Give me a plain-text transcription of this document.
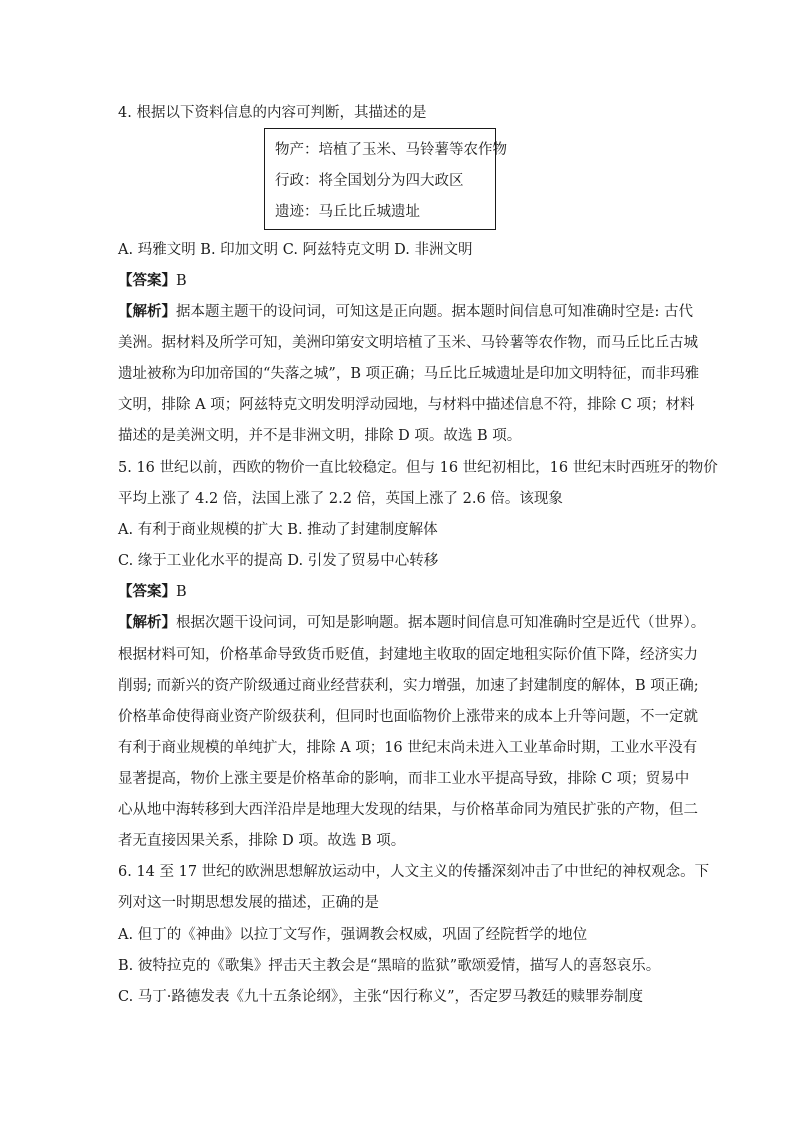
4. 根据以下资料信息的内容可判断，其描述的是
物产：培植了玉米、马铃薯等农作物
行政：将全国划分为四大政区
遗迹：马丘比丘城遗址
A. 玛雅文明 B. 印加文明 C. 阿兹特克文明 D. 非洲文明
【答案】B
【解析】据本题主题干的设问词，可知这是正向题。据本题时间信息可知准确时空是: 古代
美洲。据材料及所学可知，美洲印第安文明培植了玉米、马铃薯等农作物，而马丘比丘古城
遗址被称为印加帝国的“失落之城”，B 项正确；马丘比丘城遗址是印加文明特征，而非玛雅
文明，排除 A 项；阿兹特克文明发明浮动园地，与材料中描述信息不符，排除 C 项；材料
描述的是美洲文明，并不是非洲文明，排除 D 项。故选 B 项。
5. 16 世纪以前，西欧的物价一直比较稳定。但与 16 世纪初相比，16 世纪末时西班牙的物价
平均上涨了 4.2 倍，法国上涨了 2.2 倍，英国上涨了 2.6 倍。该现象
A. 有利于商业规模的扩大 B. 推动了封建制度解体
C. 缘于工业化水平的提高 D. 引发了贸易中心转移
【答案】B
【解析】根据次题干设问词，可知是影响题。据本题时间信息可知准确时空是近代（世界）。
根据材料可知，价格革命导致货币贬值，封建地主收取的固定地租实际价值下降，经济实力
削弱; 而新兴的资产阶级通过商业经营获利，实力增强，加速了封建制度的解体，B 项正确;
价格革命使得商业资产阶级获利，但同时也面临物价上涨带来的成本上升等问题，不一定就
有利于商业规模的单纯扩大，排除 A 项；16 世纪末尚未进入工业革命时期，工业水平没有
显著提高，物价上涨主要是价格革命的影响，而非工业水平提高导致，排除 C 项；贸易中
心从地中海转移到大西洋沿岸是地理大发现的结果，与价格革命同为殖民扩张的产物，但二
者无直接因果关系，排除 D 项。故选 B 项。
6. 14 至 17 世纪的欧洲思想解放运动中，人文主义的传播深刻冲击了中世纪的神权观念。下
列对这一时期思想发展的描述，正确的是
A. 但丁的《神曲》以拉丁文写作，强调教会权威，巩固了经院哲学的地位
B. 彼特拉克的《歌集》抨击天主教会是“黑暗的监狱”歌颂爱情，描写人的喜怒哀乐。
C. 马丁·路德发表《九十五条论纲》，主张“因行称义”，否定罗马教廷的赎罪券制度
